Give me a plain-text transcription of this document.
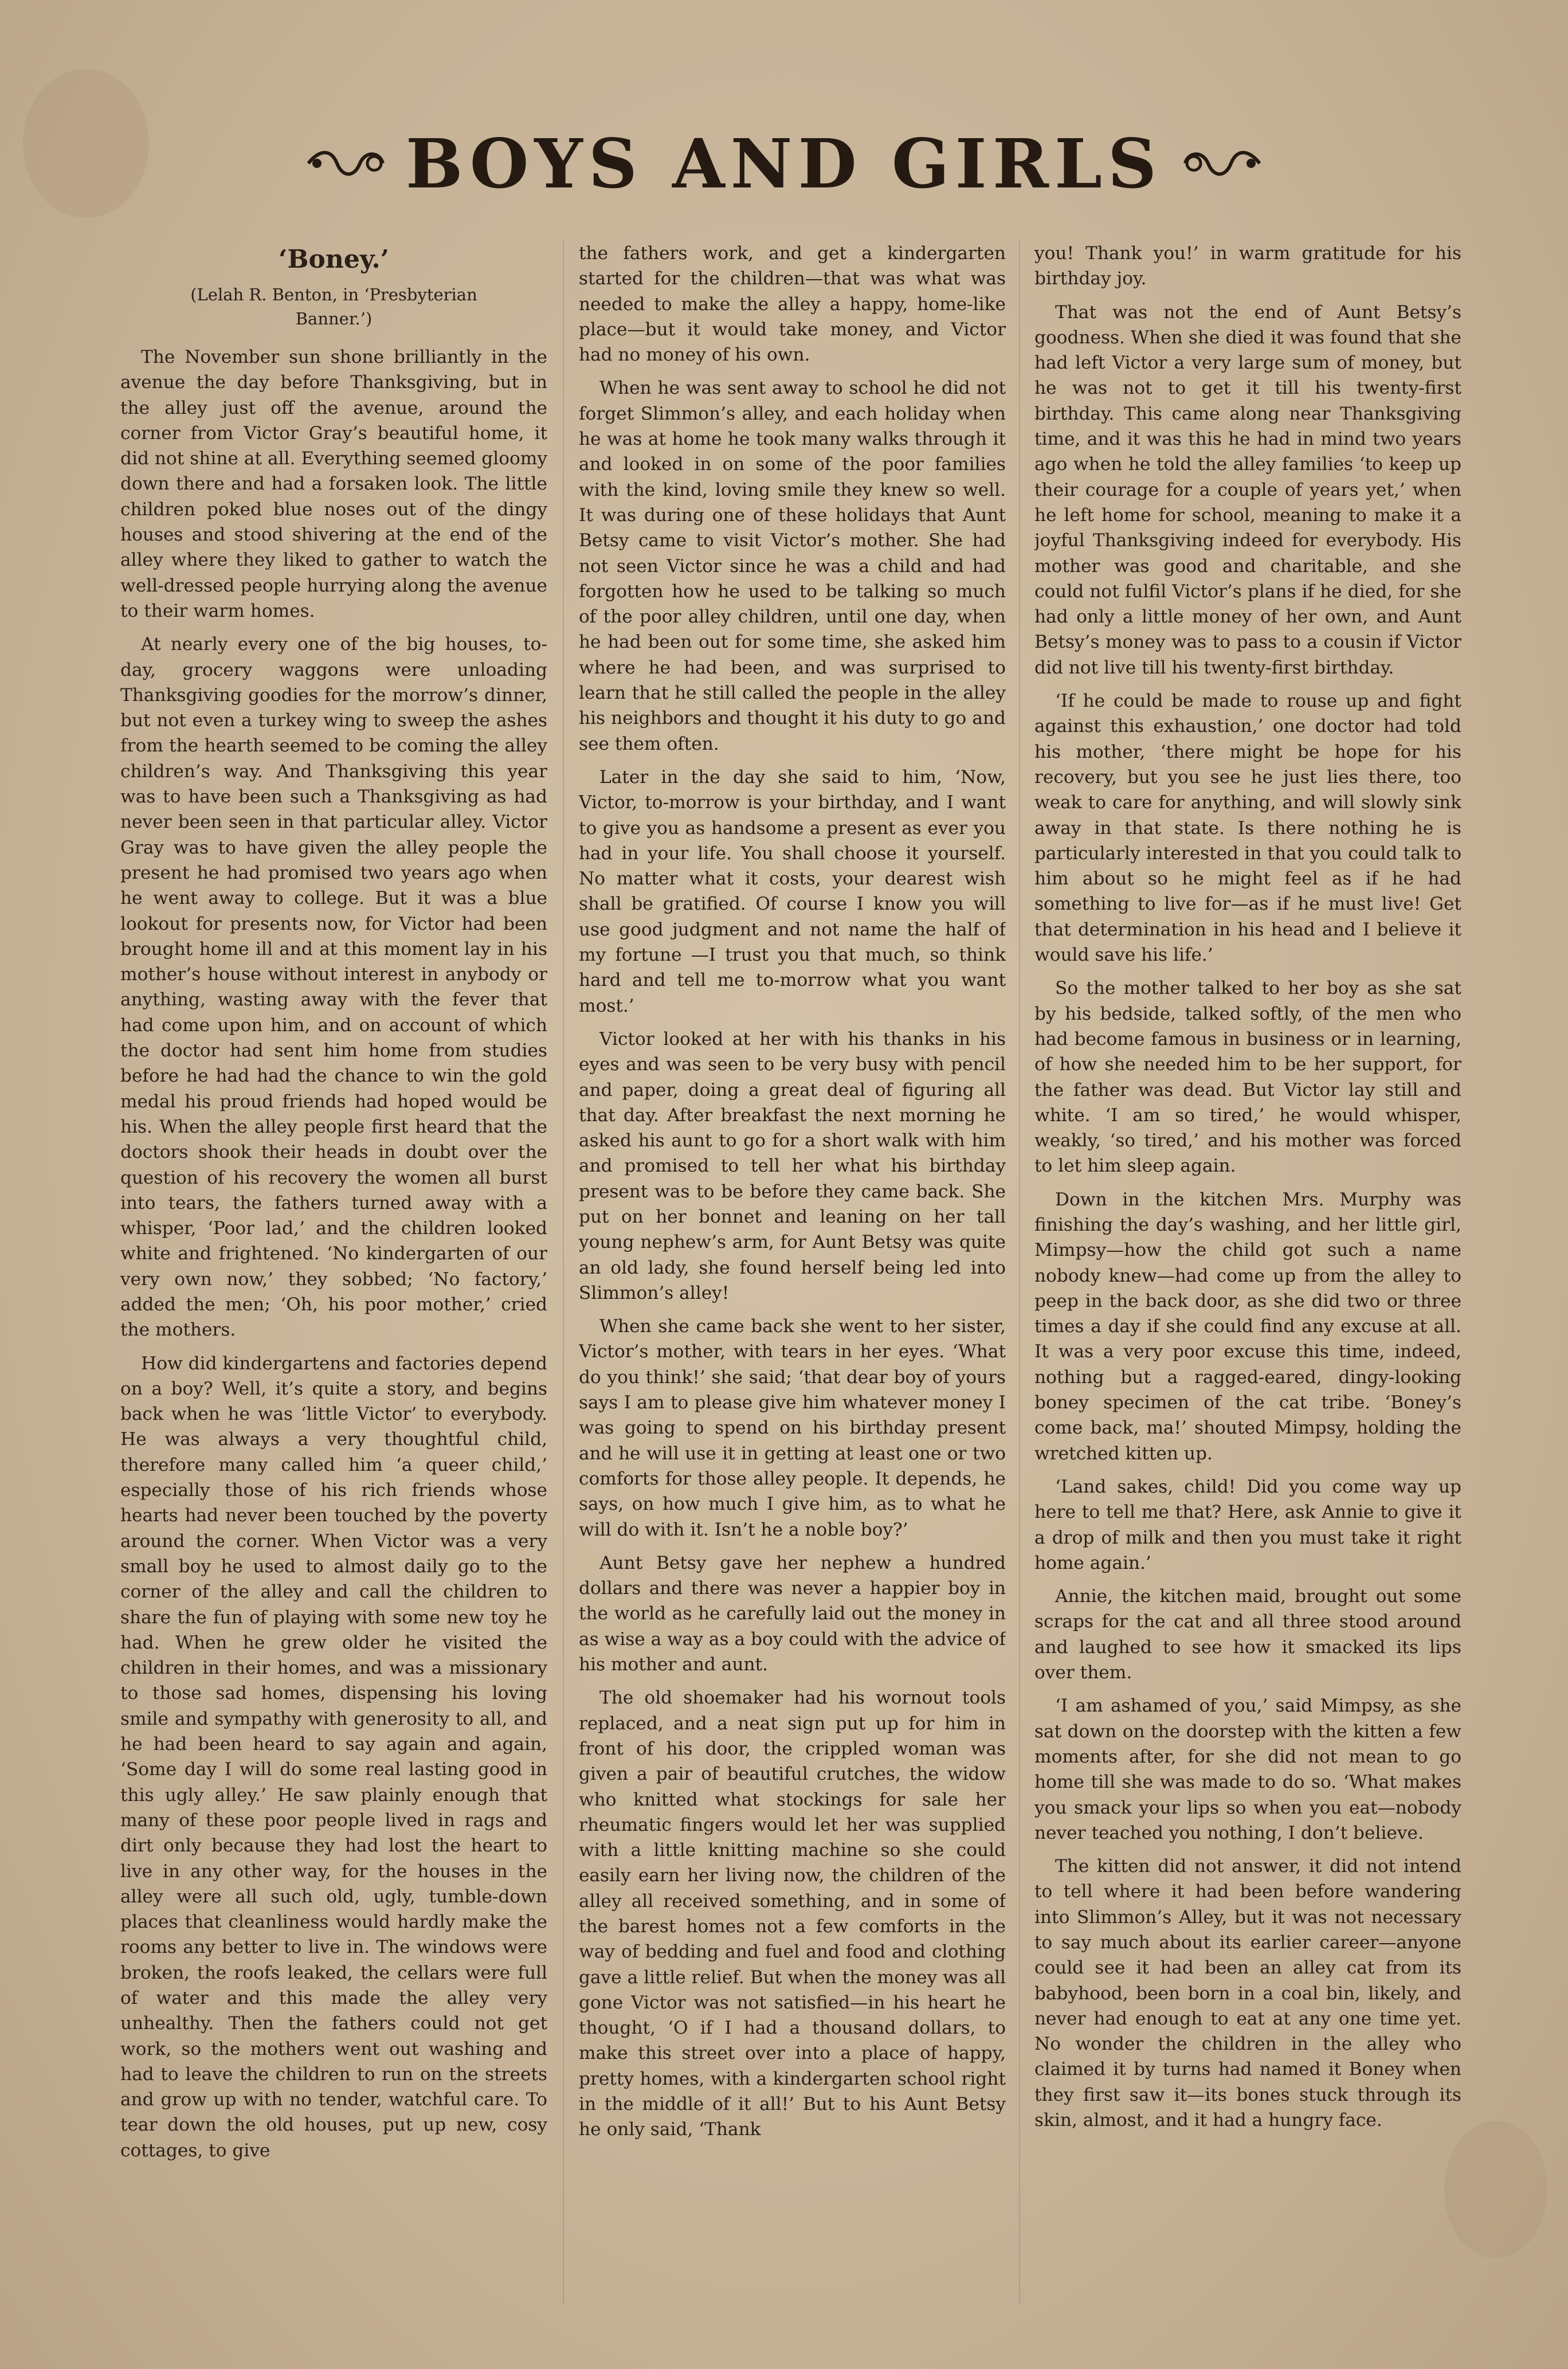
BOYS AND GIRLS
‘Boney.’
(Lelah R. Benton, in ‘Presbyterian Banner.’)

The November sun shone brilliantly in the avenue the day before Thanksgiving, but in the alley just off the avenue, around the corner from Victor Gray’s beautiful home, it did not shine at all. Everything seemed gloomy down there and had a forsaken look. The little children poked blue noses out of the dingy houses and stood shivering at the end of the alley where they liked to gather to watch the well-dressed people hurrying along the avenue to their warm homes.

At nearly every one of the big houses, to-day, grocery waggons were unloading Thanksgiving goodies for the morrow’s dinner, but not even a turkey wing to sweep the ashes from the hearth seemed to be coming the alley children’s way. And Thanksgiving this year was to have been such a Thanksgiving as had never been seen in that particular alley. Victor Gray was to have given the alley people the present he had promised two years ago when he went away to college. But it was a blue lookout for presents now, for Victor had been brought home ill and at this moment lay in his mother’s house without interest in anybody or anything, wasting away with the fever that had come upon him, and on account of which the doctor had sent him home from studies before he had had the chance to win the gold medal his proud friends had hoped would be his. When the alley people first heard that the doctors shook their heads in doubt over the question of his recovery the women all burst into tears, the fathers turned away with a whisper, ‘Poor lad,’ and the children looked white and frightened. ‘No kindergarten of our very own now,’ they sobbed; ‘No factory,’ added the men; ‘Oh, his poor mother,’ cried the mothers.

How did kindergartens and factories depend on a boy? Well, it’s quite a story, and begins back when he was ‘little Victor’ to everybody. He was always a very thoughtful child, therefore many called him ‘a queer child,’ especially those of his rich friends whose hearts had never been touched by the poverty around the corner. When Victor was a very small boy he used to almost daily go to the corner of the alley and call the children to share the fun of playing with some new toy he had. When he grew older he visited the children in their homes, and was a missionary to those sad homes, dispensing his loving smile and sympathy with generosity to all, and he had been heard to say again and again, ‘Some day I will do some real lasting good in this ugly alley.’ He saw plainly enough that many of these poor people lived in rags and dirt only because they had lost the heart to live in any other way, for the houses in the alley were all such old, ugly, tumble-down places that cleanliness would hardly make the rooms any better to live in. The windows were broken, the roofs leaked, the cellars were full of water and this made the alley very unhealthy. Then the fathers could not get work, so the mothers went out washing and had to leave the children to run on the streets and grow up with no tender, watchful care. To tear down the old houses, put up new, cosy cottages, to give

the fathers work, and get a kindergarten started for the children—that was what was needed to make the alley a happy, home-like place—but it would take money, and Victor had no money of his own.

When he was sent away to school he did not forget Slimmon’s alley, and each holiday when he was at home he took many walks through it and looked in on some of the poor families with the kind, loving smile they knew so well. It was during one of these holidays that Aunt Betsy came to visit Victor’s mother. She had not seen Victor since he was a child and had forgotten how he used to be talking so much of the poor alley children, until one day, when he had been out for some time, she asked him where he had been, and was surprised to learn that he still called the people in the alley his neighbors and thought it his duty to go and see them often.

Later in the day she said to him, ‘Now, Victor, to-morrow is your birthday, and I want to give you as handsome a present as ever you had in your life. You shall choose it yourself. No matter what it costs, your dearest wish shall be gratified. Of course I know you will use good judgment and not name the half of my fortune —I trust you that much, so think hard and tell me to-morrow what you want most.’

Victor looked at her with his thanks in his eyes and was seen to be very busy with pencil and paper, doing a great deal of figuring all that day. After breakfast the next morning he asked his aunt to go for a short walk with him and promised to tell her what his birthday present was to be before they came back. She put on her bonnet and leaning on her tall young nephew’s arm, for Aunt Betsy was quite an old lady, she found herself being led into Slimmon’s alley!

When she came back she went to her sister, Victor’s mother, with tears in her eyes. ‘What do you think!’ she said; ‘that dear boy of yours says I am to please give him whatever money I was going to spend on his birthday present and he will use it in getting at least one or two comforts for those alley people. It depends, he says, on how much I give him, as to what he will do with it. Isn’t he a noble boy?’

Aunt Betsy gave her nephew a hundred dollars and there was never a happier boy in the world as he carefully laid out the money in as wise a way as a boy could with the advice of his mother and aunt.

The old shoemaker had his wornout tools replaced, and a neat sign put up for him in front of his door, the crippled woman was given a pair of beautiful crutches, the widow who knitted what stockings for sale her rheumatic fingers would let her was supplied with a little knitting machine so she could easily earn her living now, the children of the alley all received something, and in some of the barest homes not a few comforts in the way of bedding and fuel and food and clothing gave a little relief. But when the money was all gone Victor was not satisfied—in his heart he thought, ‘O if I had a thousand dollars, to make this street over into a place of happy, pretty homes, with a kindergarten school right in the middle of it all!’ But to his Aunt Betsy he only said, ‘Thank

you! Thank you!’ in warm gratitude for his birthday joy.

That was not the end of Aunt Betsy’s goodness. When she died it was found that she had left Victor a very large sum of money, but he was not to get it till his twenty-first birthday. This came along near Thanksgiving time, and it was this he had in mind two years ago when he told the alley families ‘to keep up their courage for a couple of years yet,’ when he left home for school, meaning to make it a joyful Thanksgiving indeed for everybody. His mother was good and charitable, and she could not fulfil Victor’s plans if he died, for she had only a little money of her own, and Aunt Betsy’s money was to pass to a cousin if Victor did not live till his twenty-first birthday.

‘If he could be made to rouse up and fight against this exhaustion,’ one doctor had told his mother, ‘there might be hope for his recovery, but you see he just lies there, too weak to care for anything, and will slowly sink away in that state. Is there nothing he is particularly interested in that you could talk to him about so he might feel as if he had something to live for—as if he must live! Get that determination in his head and I believe it would save his life.’

So the mother talked to her boy as she sat by his bedside, talked softly, of the men who had become famous in business or in learning, of how she needed him to be her support, for the father was dead. But Victor lay still and white. ‘I am so tired,’ he would whisper, weakly, ‘so tired,’ and his mother was forced to let him sleep again.

Down in the kitchen Mrs. Murphy was finishing the day’s washing, and her little girl, Mimpsy—how the child got such a name nobody knew—had come up from the alley to peep in the back door, as she did two or three times a day if she could find any excuse at all. It was a very poor excuse this time, indeed, nothing but a ragged-eared, dingy-looking boney specimen of the cat tribe. ‘Boney’s come back, ma!’ shouted Mimpsy, holding the wretched kitten up.

‘Land sakes, child! Did you come way up here to tell me that? Here, ask Annie to give it a drop of milk and then you must take it right home again.’

Annie, the kitchen maid, brought out some scraps for the cat and all three stood around and laughed to see how it smacked its lips over them.

‘I am ashamed of you,’ said Mimpsy, as she sat down on the doorstep with the kitten a few moments after, for she did not mean to go home till she was made to do so. ‘What makes you smack your lips so when you eat—nobody never teached you nothing, I don’t believe.

The kitten did not answer, it did not intend to tell where it had been before wandering into Slimmon’s Alley, but it was not necessary to say much about its earlier career—anyone could see it had been an alley cat from its babyhood, been born in a coal bin, likely, and never had enough to eat at any one time yet. No wonder the children in the alley who claimed it by turns had named it Boney when they first saw it—its bones stuck through its skin, almost, and it had a hungry face.
